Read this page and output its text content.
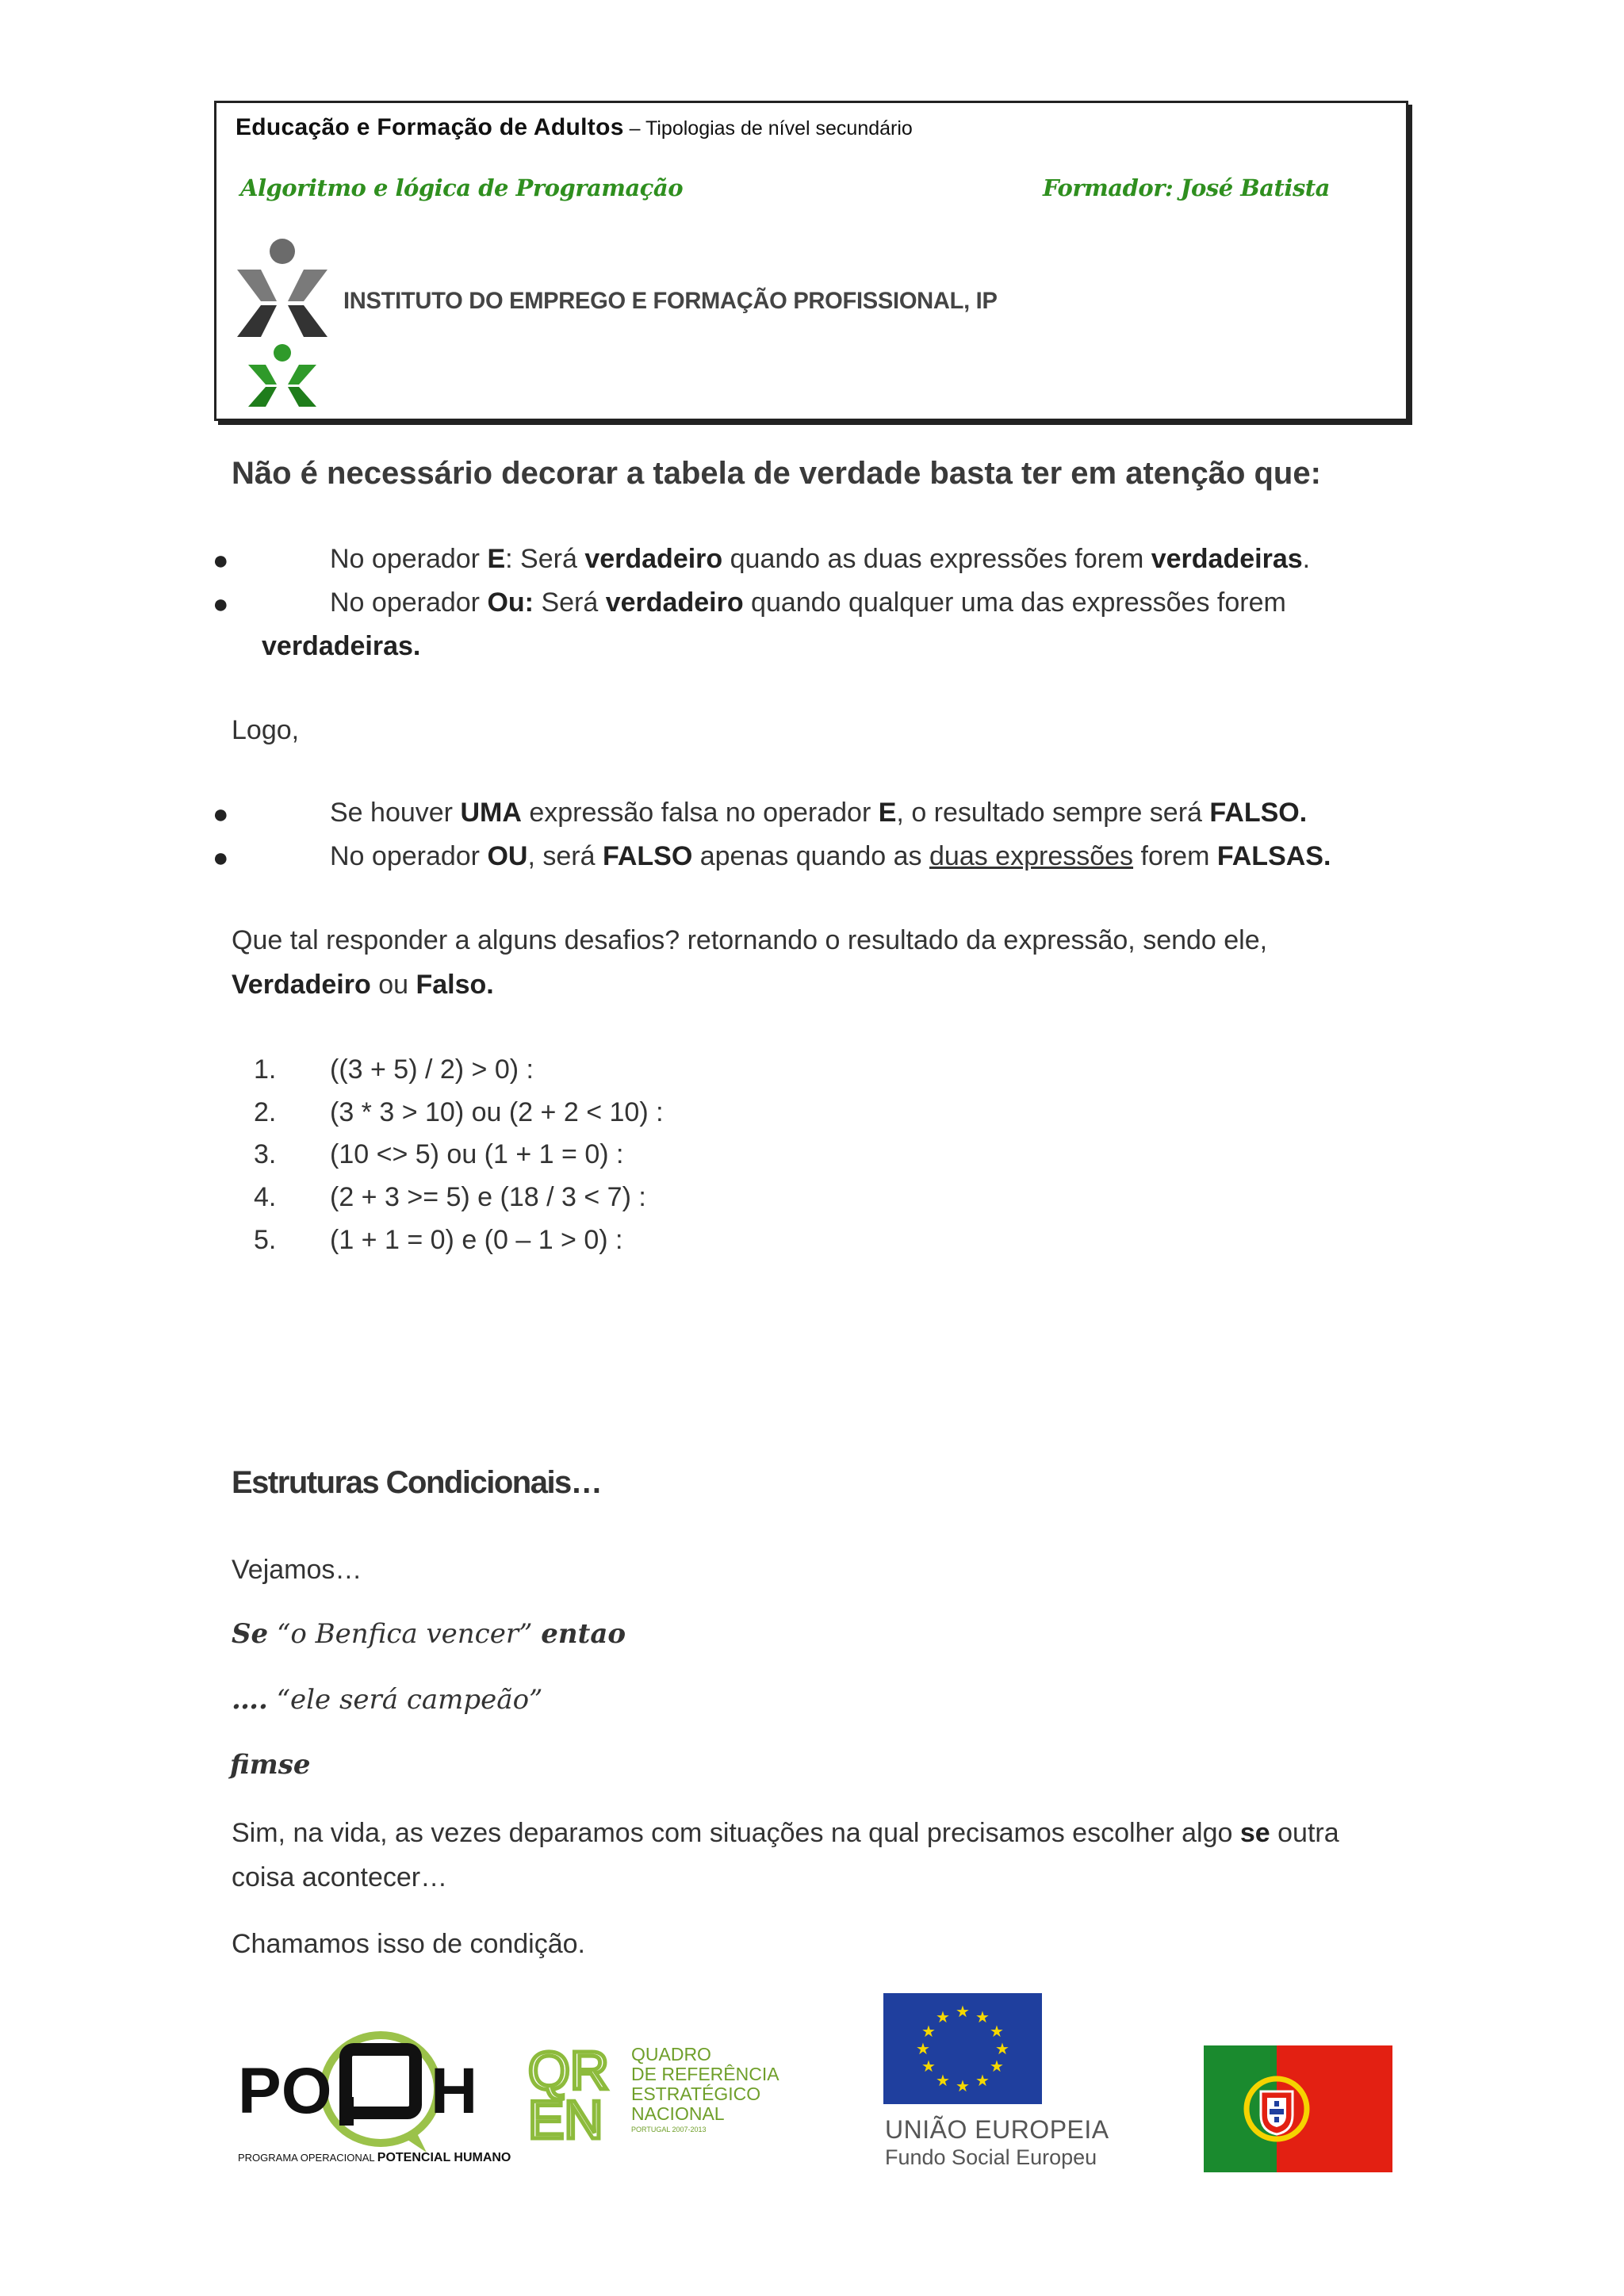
Educação e Formação de Adultos – Tipologias de nível secundário
Algoritmo e lógica de Programação	Formador: José Batista
INSTITUTO DO EMPREGO E FORMAÇÃO PROFISSIONAL, IP
Não é necessário decorar a tabela de verdade basta ter em atenção que:
●	No operador E: Será verdadeiro quando as duas expressões forem verdadeiras.
●	No operador Ou: Será verdadeiro quando qualquer uma das expressões forem
verdadeiras.
Logo,
●	Se houver UMA expressão falsa no operador E, o resultado sempre será FALSO.
●	No operador OU, será FALSO apenas quando as duas expressões forem FALSAS.
Que tal responder a alguns desafios? retornando o resultado da expressão, sendo ele,
Verdadeiro ou Falso.
1. ((3 + 5) / 2) > 0) :
2. (3 * 3 > 10) ou (2 + 2 < 10) :
3. (10 <> 5) ou (1 + 1 = 0) :
4. (2 + 3 >= 5) e (18 / 3 < 7) :
5. (1 + 1 = 0) e (0 – 1 > 0) :
Estruturas Condicionais…
Vejamos…
Se “o Benfica vencer” entao
…. “ele será campeão”
fimse
Sim, na vida, as vezes deparamos com situações na qual precisamos escolher algo se outra
coisa acontecer…
Chamamos isso de condição.
PO H
PROGRAMA OPERACIONAL POTENCIAL HUMANO
QR
EN
QUADRO
DE REFERÊNCIA
ESTRATÉGICO
NACIONAL
PORTUGAL 2007-2013
★ ★
★
★
★
★
★
★
★
★
★
★
UNIÃO EUROPEIA
Fundo Social Europeu
